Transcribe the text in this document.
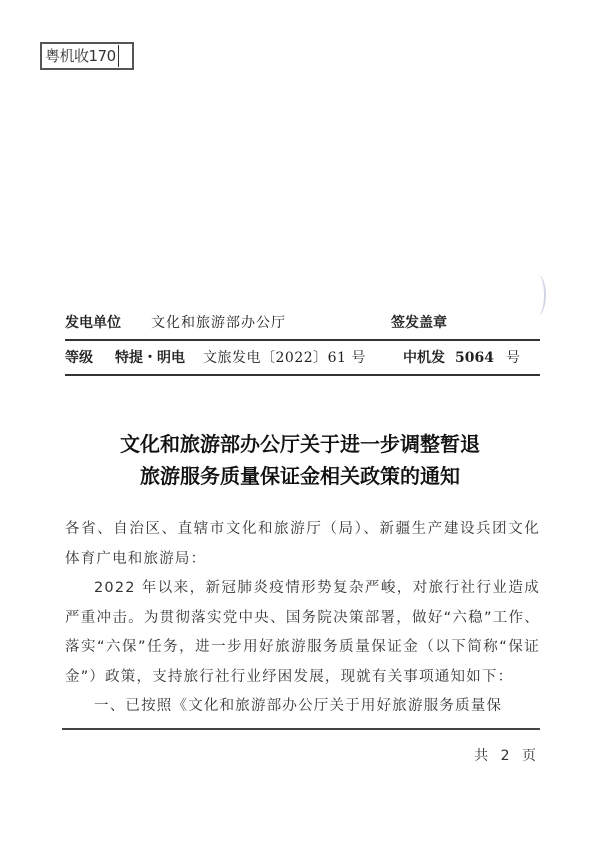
粤机收170
发电单位	文化和旅游部办公厅	签发盖章
等级	特提・明电	文旅发电〔2022〕61 号	中机发 5064 号
文化和旅游部办公厅关于进一步调整暂退
旅游服务质量保证金相关政策的通知

各省、自治区、直辖市文化和旅游厅（局）、新疆生产建设兵团文化体育广电和旅游局：

2022 年以来，新冠肺炎疫情形势复杂严峻，对旅行社行业造成严重冲击。为贯彻落实党中央、国务院决策部署，做好“六稳”工作、落实“六保”任务，进一步用好旅游服务质量保证金（以下简称“保证金”）政策，支持旅行社行业纾困发展，现就有关事项通知如下：

一、已按照《文化和旅游部办公厅关于用好旅游服务质量保

共 2 页
